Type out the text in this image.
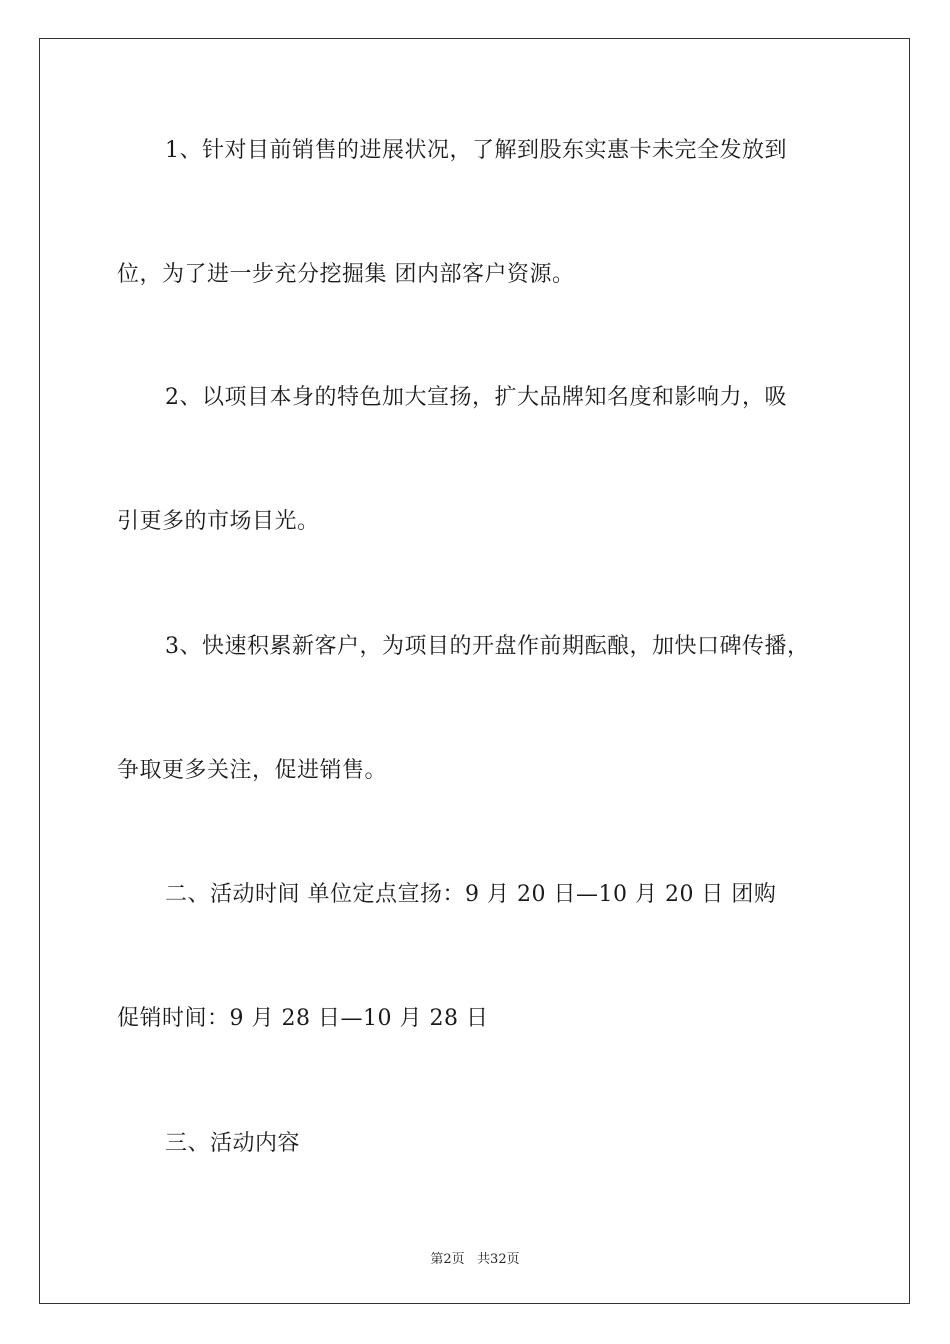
1、针对目前销售的进展状况，了解到股东实惠卡未完全发放到
位，为了进一步充分挖掘集 团内部客户资源。
2、以项目本身的特色加大宣扬，扩大品牌知名度和影响力，吸
引更多的市场目光。
3、快速积累新客户，为项目的开盘作前期酝酿，加快口碑传播，
争取更多关注，促进销售。
二、活动时间 单位定点宣扬：9 月 20 日—10 月 20 日 团购
促销时间：9 月 28 日—10 月 28 日
三、活动内容
第2页   共32页
